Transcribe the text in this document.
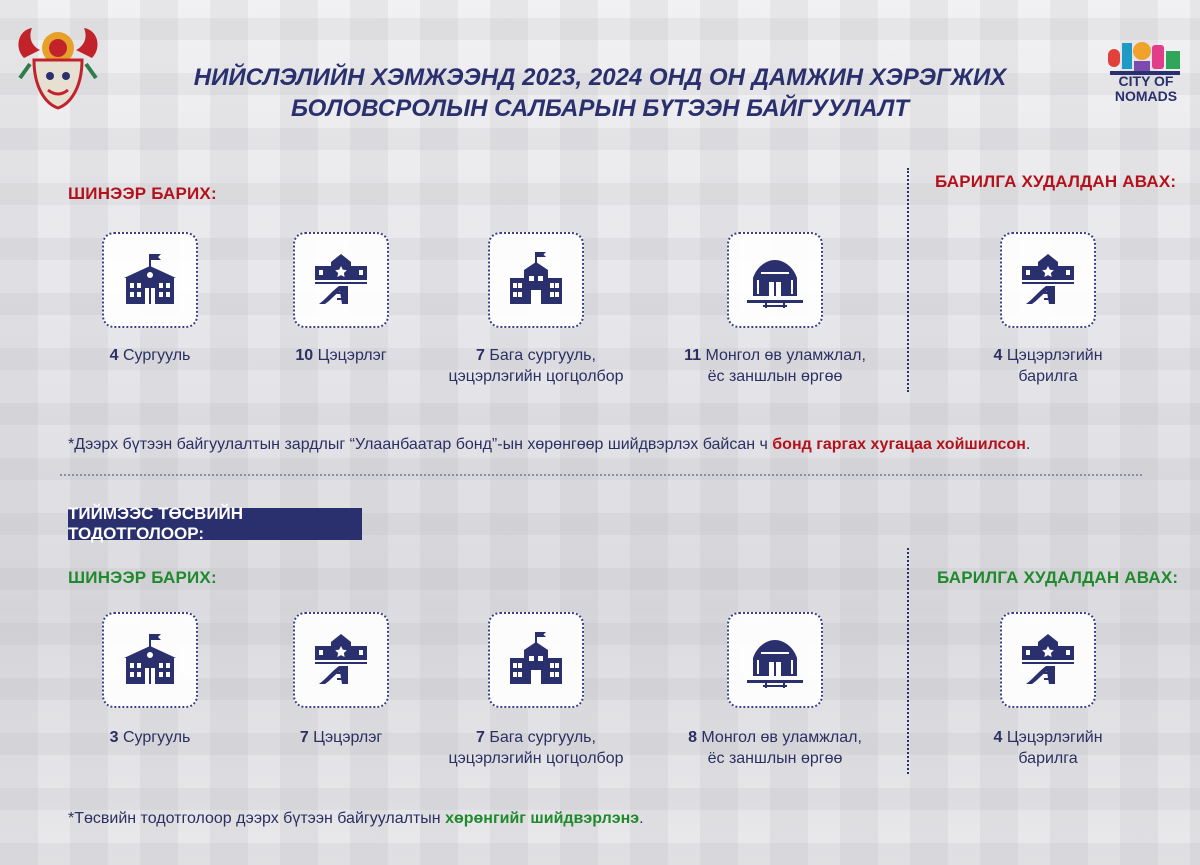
НИЙСЛЭЛИЙН ХЭМЖЭЭНД 2023, 2024 ОНД ОН ДАМЖИН ХЭРЭГЖИХ
БОЛОВСРОЛЫН САЛБАРЫН БҮТЭЭН БАЙГУУЛАЛТ
CITY OF
NOMADS
ШИНЭЭР БАРИХ:
БАРИЛГА ХУДАЛДАН АВАХ:
4 Сургууль	10 Цэцэрлэг	7 Бага сургууль,
цэцэрлэгийн цогцолбор
11 Монгол өв уламжлал,
ёс заншлын өргөө
4 Цэцэрлэгийн
барилга
*Дээрх бүтээн байгуулалтын зардлыг “Улаанбаатар бонд”-ын хөрөнгөөр шийдвэрлэх байсан ч бонд гаргах хугацаа хойшилсон.
ТИЙМЭЭС ТӨСВИЙН ТОДОТГОЛООР:
ШИНЭЭР БАРИХ:	БАРИЛГА ХУДАЛДАН АВАХ:
3 Сургууль	7 Цэцэрлэг	7 Бага сургууль,
цэцэрлэгийн цогцолбор
8 Монгол өв уламжлал,
ёс заншлын өргөө
4 Цэцэрлэгийн
барилга
*Төсвийн тодотголоор дээрх бүтээн байгуулалтын хөрөнгийг шийдвэрлэнэ.
